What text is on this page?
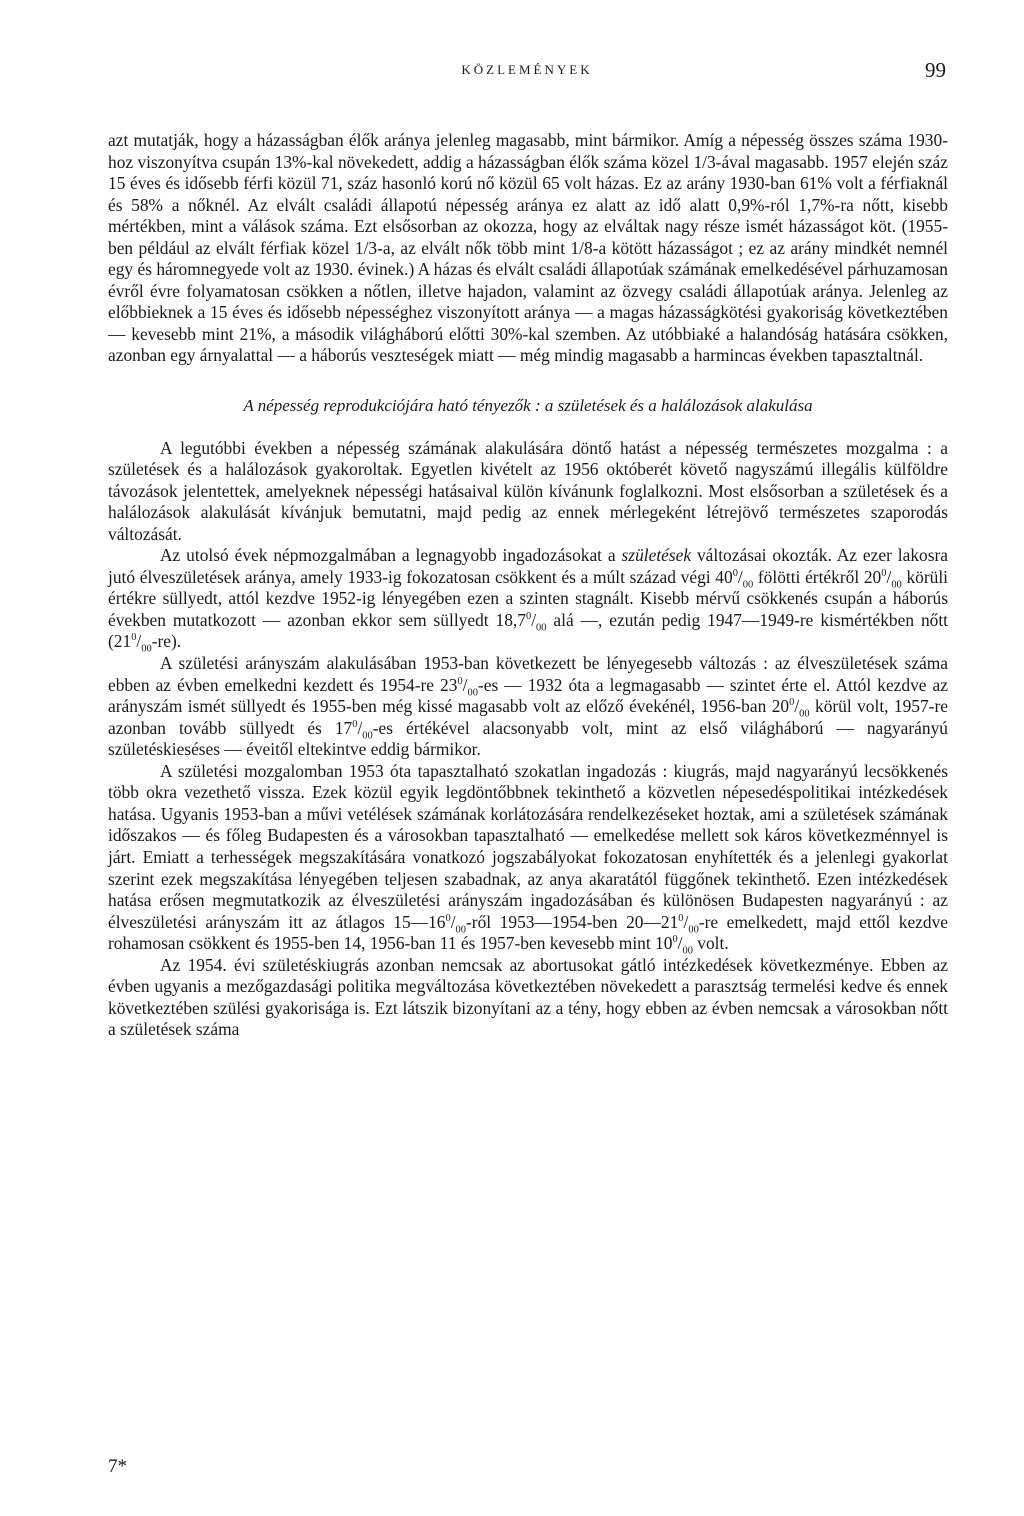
KÖZLEMÉNYEK	99

azt mutatják, hogy a házasságban élők aránya jelenleg magasabb, mint bármikor. Amíg a népesség összes száma 1930-hoz viszonyítva csupán 13%-kal növekedett, addig a házasságban élők száma közel 1/3-ával magasabb. 1957 elején száz 15 éves és idősebb férfi közül 71, száz hasonló korú nő közül 65 volt házas. Ez az arány 1930-ban 61% volt a férfiaknál és 58% a nőknél. Az elvált családi állapotú népesség aránya ez alatt az idő alatt 0,9%-ról 1,7%-ra nőtt, kisebb mértékben, mint a válások száma. Ezt elsősorban az okozza, hogy az elváltak nagy része ismét házasságot köt. (1955-ben például az elvált férfiak közel 1/3-a, az elvált nők több mint 1/8-a kötött házasságot ; ez az arány mindkét nemnél egy és háromnegyede volt az 1930. évinek.) A házas és elvált családi állapotúak számának emelkedésével párhuzamosan évről évre folyamatosan csökken a nőtlen, illetve hajadon, valamint az özvegy családi állapotúak aránya. Jelenleg az előbbieknek a 15 éves és idősebb népességhez viszonyított aránya — a magas házasságkötési gyakoriság következtében — kevesebb mint 21%, a második világháború előtti 30%-kal szemben. Az utóbbiaké a halandóság hatására csökken, azonban egy árnyalattal — a háborús veszteségek miatt — még mindig magasabb a harmincas években tapasztaltnál.

A népesség reprodukciójára ható tényezők : a születések és a halálozások alakulása

A legutóbbi években a népesség számának alakulására döntő hatást a népesség természetes mozgalma : a születések és a halálozások gyakoroltak. Egyetlen kivételt az 1956 októberét követő nagyszámú illegális külföldre távozások jelentettek, amelyeknek népességi hatásaival külön kívánunk foglalkozni. Most elsősorban a születések és a halálozások alakulását kívánjuk bemutatni, majd pedig az ennek mérlegeként létrejövő természetes szaporodás változását.

Az utolsó évek népmozgalmában a legnagyobb ingadozásokat a születések változásai okozták. Az ezer lakosra jutó élveszületések aránya, amely 1933-ig fokozatosan csökkent és a múlt század végi $40^0/_{00}$ fölötti értékről $20^0/_{00}$ körüli értékre süllyedt, attól kezdve 1952-ig lényegében ezen a szinten stagnált. Kisebb mérvű csökkenés csupán a háborús években mutatkozott — azonban ekkor sem süllyedt $18,7^0/_{00}$ alá —, ezután pedig 1947—1949-re kismértékben nőtt $(21^0/_{00}-re)$.

A születési arányszám alakulásában 1953-ban következett be lényegesebb változás : az élveszületések száma ebben az évben emelkedni kezdett és 1954-re $23^0/_{00}-es$ — 1932 óta a legmagasabb — szintet érte el. Attól kezdve az arányszám ismét süllyedt és 1955-ben még kissé magasabb volt az előző évekénél, 1956-ban $20^0/_{00}$ körül volt, 1957-re azonban tovább süllyedt és $17^0/_{00}-es$ értékével alacsonyabb volt, mint az első világháború — nagyarányú születéskieséses — éveitől eltekintve eddig bármikor.

A születési mozgalomban 1953 óta tapasztalható szokatlan ingadozás : kiugrás, majd nagyarányú lecsökkenés több okra vezethető vissza. Ezek közül egyik legdöntőbbnek tekinthető a közvetlen népesedéspolitikai intézkedések hatása. Ugyanis 1953-ban a művi vetélések számának korlátozására rendelkezéseket hoztak, ami a születések számának időszakos — és főleg Budapesten és a városokban tapasztalható — emelkedése mellett sok káros következménnyel is járt. Emiatt a terhességek megszakítására vonatkozó jogszabályokat fokozatosan enyhítették és a jelenlegi gyakorlat szerint ezek megszakítása lényegében teljesen szabadnak, az anya akaratától függőnek tekinthető. Ezen intézkedések hatása erősen megmutatkozik az élveszületési arányszám ingadozásában és különösen Budapesten nagyarányú : az élveszületési arányszám itt az átlagos $15—16^0/_{00}$-ről 1953—1954-ben $20—21^0/_{00}-re$ emelkedett, majd ettől kezdve rohamosan csökkent és 1955-ben 14, 1956-ban 11 és 1957-ben kevesebb mint $10^0/_{00}$ volt.

Az 1954. évi születéskiugrás azonban nemcsak az abortusokat gátló intézkedések következménye. Ebben az évben ugyanis a mezőgazdasági politika megváltozása következtében növekedett a parasztság termelési kedve és ennek következtében szülési gyakorisága is. Ezt látszik bizonyítani az a tény, hogy ebben az évben nemcsak a városokban nőtt a születések száma

7*
